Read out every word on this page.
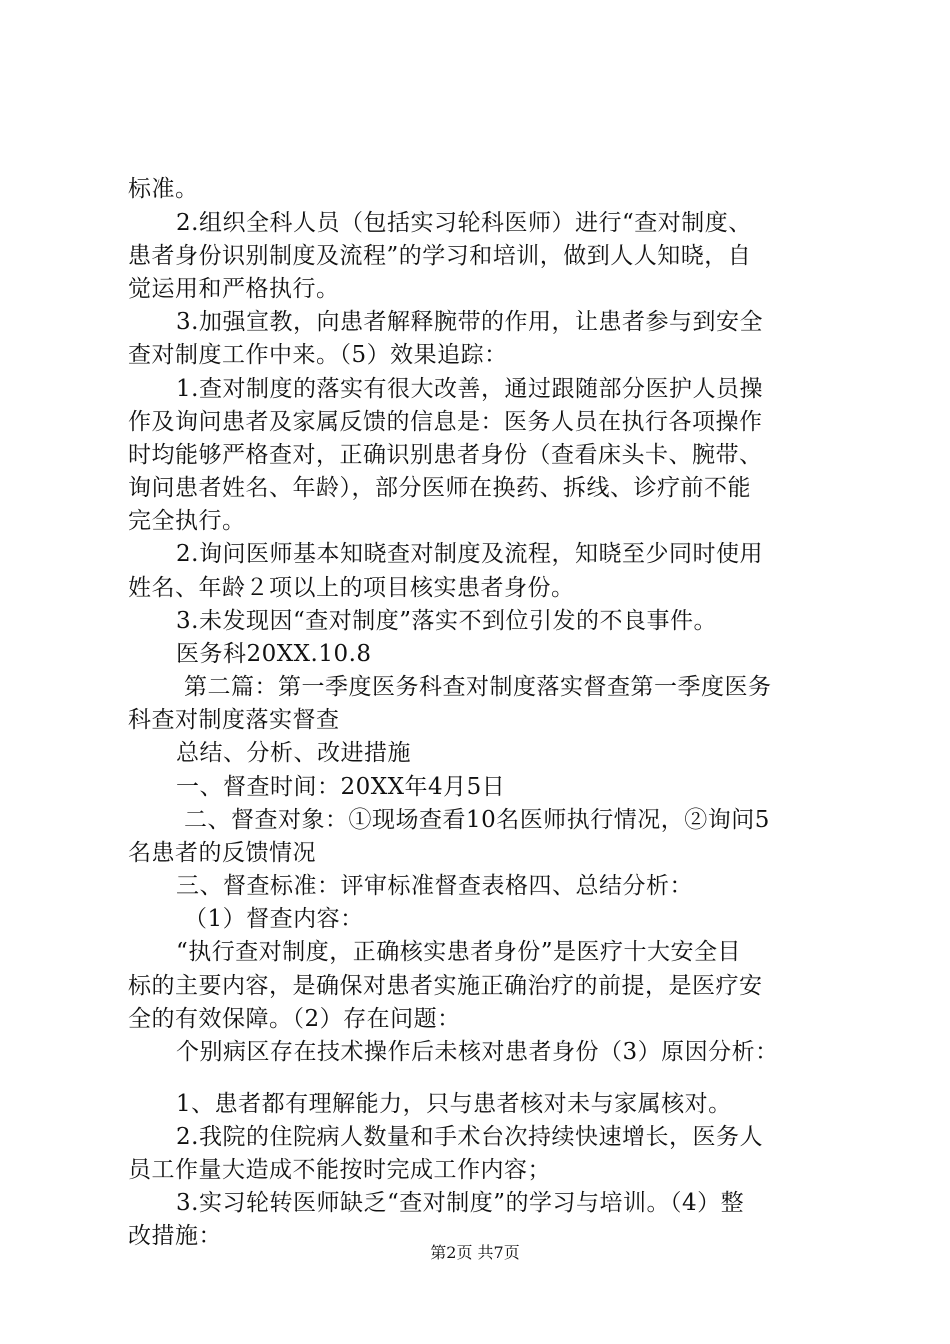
标准。
2.组织全科人员（包括实习轮科医师）进行“查对制度、
患者身份识别制度及流程”的学习和培训，做到人人知晓，自
觉运用和严格执行。
3.加强宣教，向患者解释腕带的作用，让患者参与到安全
查对制度工作中来。（5）效果追踪：
1.查对制度的落实有很大改善，通过跟随部分医护人员操
作及询问患者及家属反馈的信息是：医务人员在执行各项操作
时均能够严格查对，正确识别患者身份（查看床头卡、腕带、
询问患者姓名、年龄），部分医师在换药、拆线、诊疗前不能
完全执行。
2.询问医师基本知晓查对制度及流程，知晓至少同时使用
姓名、年龄２项以上的项目核实患者身份。
3.未发现因“查对制度”落实不到位引发的不良事件。
医务科20XX.10.8
第二篇：第一季度医务科查对制度落实督查第一季度医务
科查对制度落实督查
总结、分析、改进措施
一、督查时间：20XX年4月5日
二、督查对象：①现场查看10名医师执行情况，②询问5
名患者的反馈情况
三、督查标准：评审标准督查表格四、总结分析：
（1）督查内容：
“执行查对制度，正确核实患者身份”是医疗十大安全目
标的主要内容，是确保对患者实施正确治疗的前提，是医疗安
全的有效保障。（2）存在问题：
个别病区存在技术操作后未核对患者身份（3）原因分析：
1、患者都有理解能力，只与患者核对未与家属核对。
2.我院的住院病人数量和手术台次持续快速增长，医务人
员工作量大造成不能按时完成工作内容；
3.实习轮转医师缺乏“查对制度”的学习与培训。（4）整
改措施：
第2页 共7页
